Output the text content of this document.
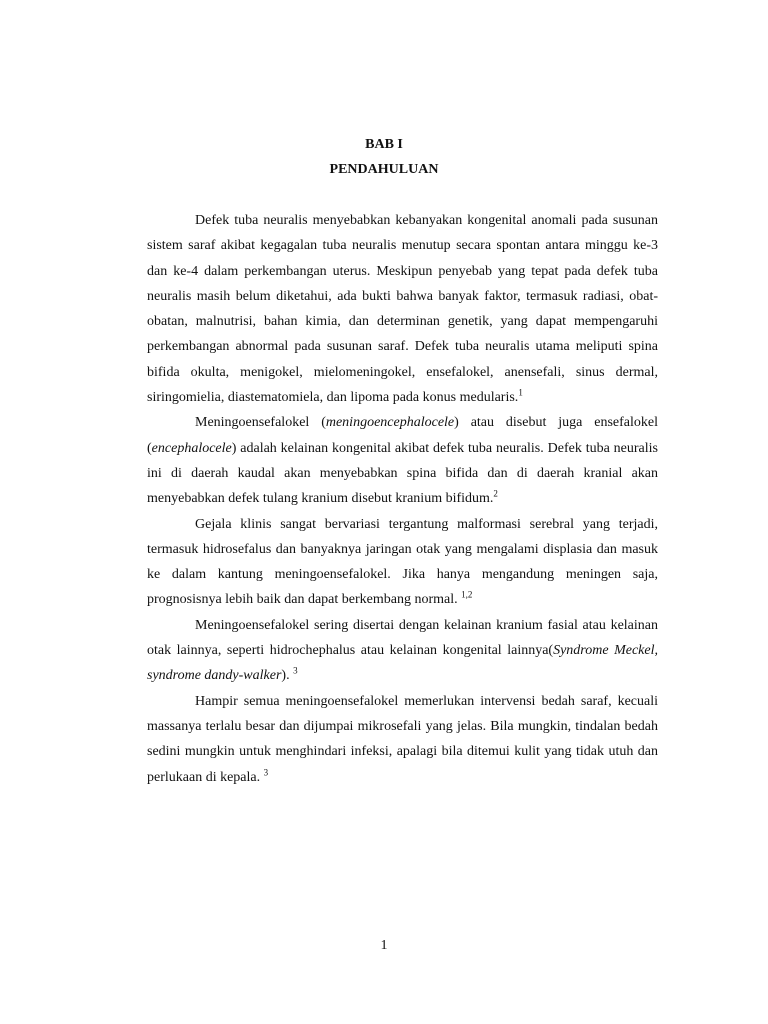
BAB I
PENDAHULUAN

Defek tuba neuralis menyebabkan kebanyakan kongenital anomali pada susunan sistem saraf akibat kegagalan tuba neuralis menutup secara spontan antara minggu ke-3 dan ke-4 dalam perkembangan uterus. Meskipun penyebab yang tepat pada defek tuba neuralis masih belum diketahui, ada bukti bahwa banyak faktor, termasuk radiasi, obat-obatan, malnutrisi, bahan kimia, dan determinan genetik, yang dapat mempengaruhi perkembangan abnormal pada susunan saraf. Defek tuba neuralis utama meliputi spina bifida okulta, menigokel, mielomeningokel, ensefalokel, anensefali, sinus dermal, siringomielia, diastematomiela, dan lipoma pada konus medularis.$^1$

Meningoensefalokel (meningoencephalocele) atau disebut juga ensefalokel (encephalocele) adalah kelainan kongenital akibat defek tuba neuralis. Defek tuba neuralis ini di daerah kaudal akan menyebabkan spina bifida dan di daerah kranial akan menyebabkan defek tulang kranium disebut kranium bifidum.$^2$

Gejala klinis sangat bervariasi tergantung malformasi serebral yang terjadi, termasuk hidrosefalus dan banyaknya jaringan otak yang mengalami displasia dan masuk ke dalam kantung meningoensefalokel. Jika hanya mengandung meningen saja, prognosisnya lebih baik dan dapat berkembang normal. $^{1,2}$

Meningoensefalokel sering disertai dengan kelainan kranium fasial atau kelainan otak lainnya, seperti hidrochephalus atau kelainan kongenital lainnya(Syndrome Meckel, syndrome dandy-walker). $^3$

Hampir semua meningoensefalokel memerlukan intervensi bedah saraf, kecuali massanya terlalu besar dan dijumpai mikrosefali yang jelas. Bila mungkin, tindalan bedah sedini mungkin untuk menghindari infeksi, apalagi bila ditemui kulit yang tidak utuh dan perlukaan di kepala. $^3$

1
